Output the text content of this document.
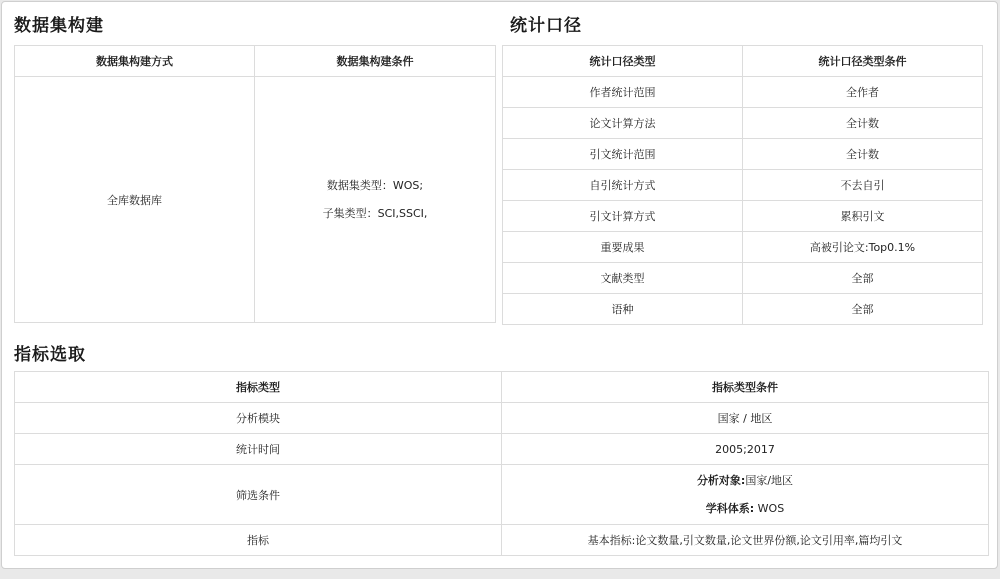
数据集构建
数据集构建方式	数据集构建条件
全库数据库	数据集类型：WOS;
子集类型：SCI,SSCI,
统计口径
统计口径类型	统计口径类型条件
作者统计范围	全作者
论文计算方法	全计数
引文统计范围	全计数
自引统计方式	不去自引
引文计算方式	累积引文
重要成果	高被引论文:Top0.1%
文献类型	全部
语种	全部
指标选取
指标类型	指标类型条件
分析模块	国家 / 地区
统计时间	2005;2017
筛选条件	分析对象:国家/地区
学科体系: WOS

指标	基本指标:论文数量,引文数量,论文世界份额,论文引用率,篇均引文
